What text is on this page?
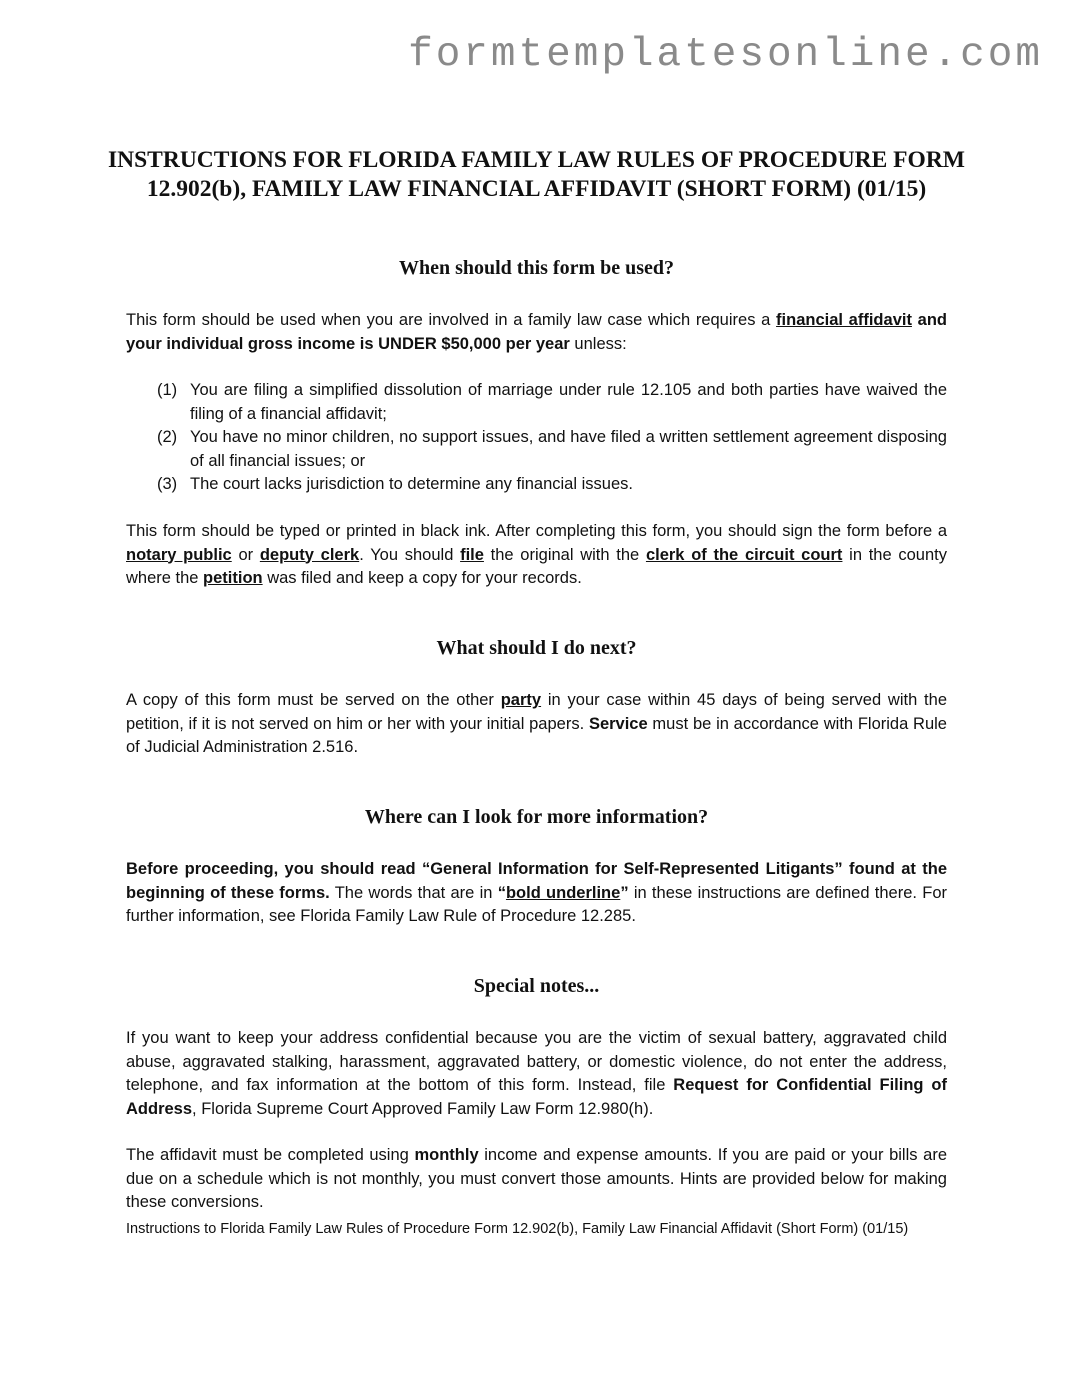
formtemplatesonline.com
INSTRUCTIONS FOR FLORIDA FAMILY LAW RULES OF PROCEDURE FORM 12.902(b), FAMILY LAW FINANCIAL AFFIDAVIT (SHORT FORM) (01/15)
When should this form be used?

This form should be used when you are involved in a family law case which requires a financial affidavit and your individual gross income is UNDER $50,000 per year unless:

(1) You are filing a simplified dissolution of marriage under rule 12.105 and both parties have waived the filing of a financial affidavit;
(2) You have no minor children, no support issues, and have filed a written settlement agreement disposing of all financial issues; or
(3) The court lacks jurisdiction to determine any financial issues.

This form should be typed or printed in black ink. After completing this form, you should sign the form before a notary public or deputy clerk. You should file the original with the clerk of the circuit court in the county where the petition was filed and keep a copy for your records.

What should I do next?

A copy of this form must be served on the other party in your case within 45 days of being served with the petition, if it is not served on him or her with your initial papers. Service must be in accordance with Florida Rule of Judicial Administration 2.516.

Where can I look for more information?

Before proceeding, you should read “General Information for Self-Represented Litigants” found at the beginning of these forms. The words that are in “bold underline” in these instructions are defined there. For further information, see Florida Family Law Rule of Procedure 12.285.

Special notes...

If you want to keep your address confidential because you are the victim of sexual battery, aggravated child abuse, aggravated stalking, harassment, aggravated battery, or domestic violence, do not enter the address, telephone, and fax information at the bottom of this form. Instead, file Request for Confidential Filing of Address, Florida Supreme Court Approved Family Law Form 12.980(h).

The affidavit must be completed using monthly income and expense amounts. If you are paid or your bills are due on a schedule which is not monthly, you must convert those amounts. Hints are provided below for making these conversions.

Instructions to Florida Family Law Rules of Procedure Form 12.902(b), Family Law Financial Affidavit (Short Form) (01/15)
